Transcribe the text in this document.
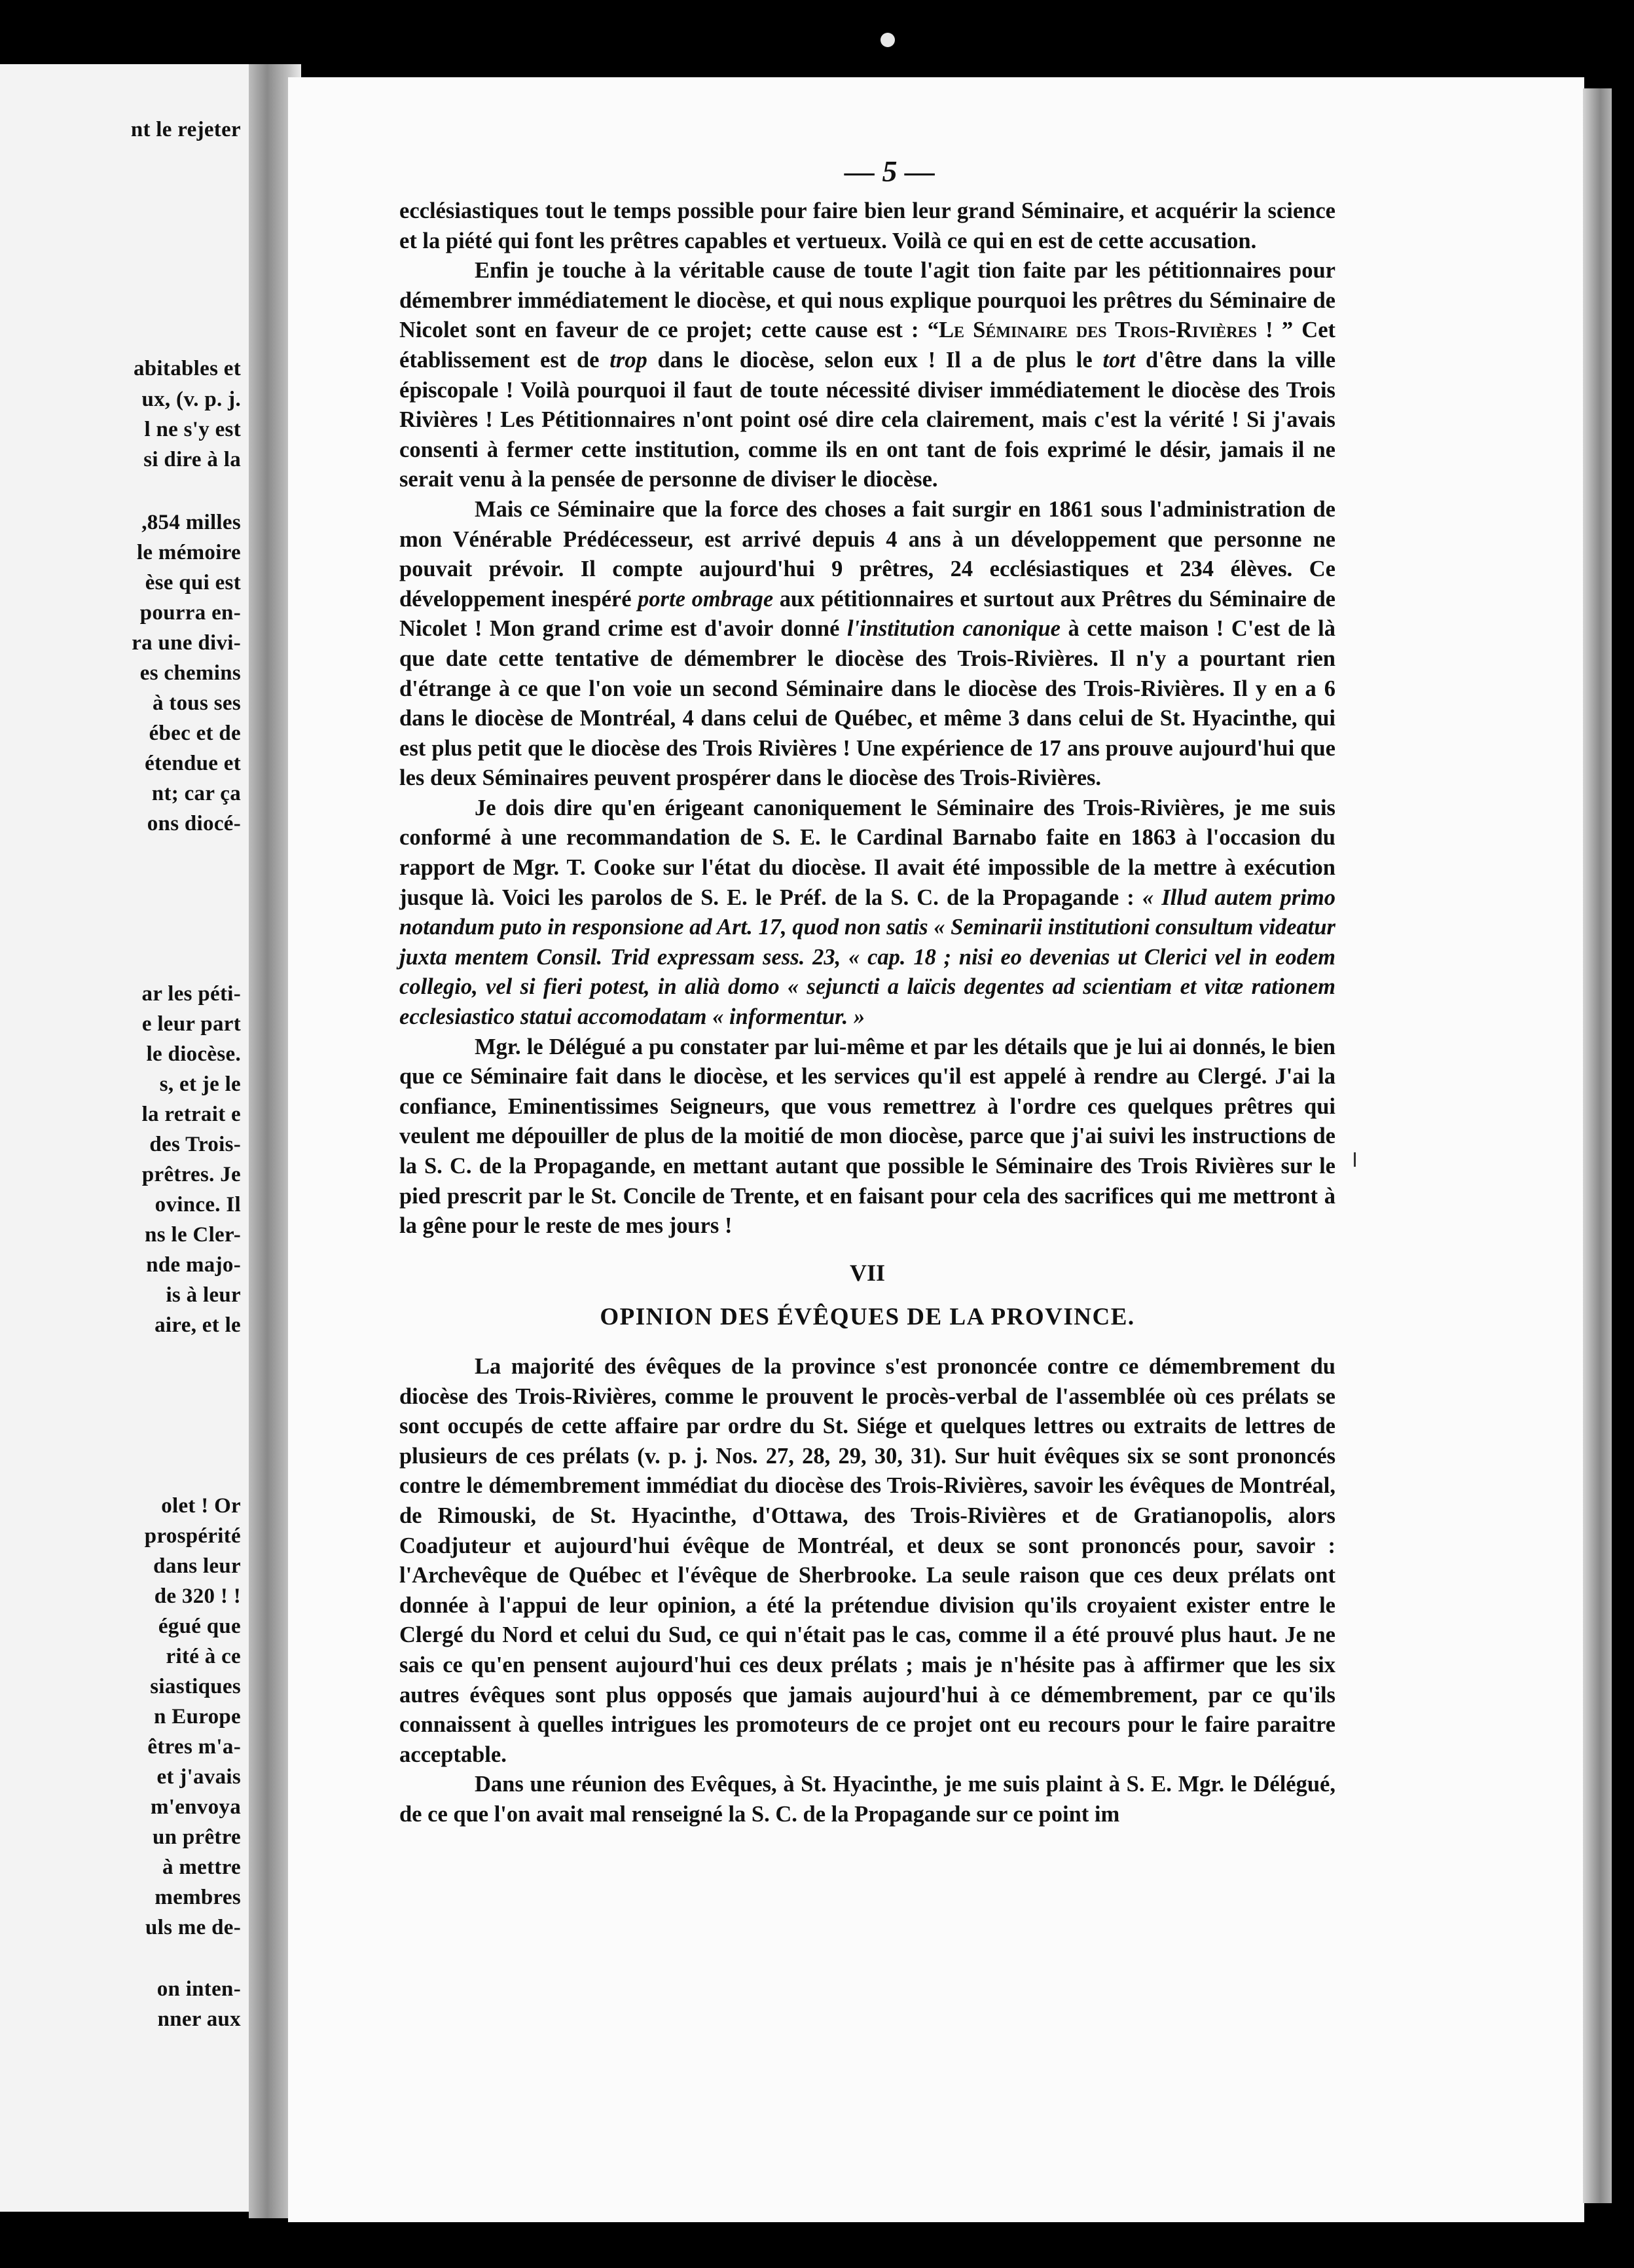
nt le rejeter
abitables et
ux, (v. p. j.
l ne s'y est
si dire à la
,854 milles
le mémoire
èse qui est
pourra en-
ra une divi-
es chemins
à tous ses
ébec et de
étendue et
nt; car ça
ons diocé-
ar les péti-
e leur part
le diocèse.
s, et je le
la retrait e
des Trois-
prêtres. Je
ovince. Il
ns le Cler-
nde majo-
is à leur
aire, et le
olet ! Or
prospérité
dans leur
de 320 ! !
égué que
rité à ce
siastiques
n Europe
êtres m'a-
et j'avais
m'envoya
un prêtre
à mettre
membres
uls me de-
on inten-
nner aux
— 5 —

ecclésiastiques tout le temps possible pour faire bien leur grand Séminaire, et acquérir la science et la piété qui font les prêtres capables et vertueux. Voilà ce qui en est de cette accusation.

Enfin je touche à la véritable cause de toute l'agit tion faite par les pétitionnaires pour démembrer immédiatement le diocèse, et qui nous explique pourquoi les prêtres du Séminaire de Nicolet sont en faveur de ce projet; cette cause est : “Le Séminaire des Trois-Rivières ! ” Cet établissement est de trop dans le diocèse, selon eux ! Il a de plus le tort d'être dans la ville épiscopale ! Voilà pourquoi il faut de toute nécessité diviser immédiatement le diocèse des Trois Rivières ! Les Pétitionnaires n'ont point osé dire cela clairement, mais c'est la vérité ! Si j'avais consenti à fermer cette institution, comme ils en ont tant de fois exprimé le désir, jamais il ne serait venu à la pensée de personne de diviser le diocèse.

Mais ce Séminaire que la force des choses a fait surgir en 1861 sous l'administration de mon Vénérable Prédécesseur, est arrivé depuis 4 ans à un développement que personne ne pouvait prévoir. Il compte aujourd'hui 9 prêtres, 24 ecclésiastiques et 234 élèves. Ce développement inespéré porte ombrage aux pétitionnaires et surtout aux Prêtres du Séminaire de Nicolet ! Mon grand crime est d'avoir donné l'institution canonique à cette maison ! C'est de là que date cette tentative de démembrer le diocèse des Trois-Rivières. Il n'y a pourtant rien d'étrange à ce que l'on voie un second Séminaire dans le diocèse des Trois-Rivières. Il y en a 6 dans le diocèse de Montréal, 4 dans celui de Québec, et même 3 dans celui de St. Hyacinthe, qui est plus petit que le diocèse des Trois Rivières ! Une expérience de 17 ans prouve aujourd'hui que les deux Séminaires peuvent prospérer dans le diocèse des Trois-Rivières.

Je dois dire qu'en érigeant canoniquement le Séminaire des Trois-Rivières, je me suis conformé à une recommandation de S. E. le Cardinal Barnabo faite en 1863 à l'occasion du rapport de Mgr. T. Cooke sur l'état du diocèse. Il avait été impossible de la mettre à exécution jusque là. Voici les parolos de S. E. le Préf. de la S. C. de la Propagande : « Illud autem primo notandum puto in responsione ad Art. 17, quod non satis « Seminarii institutioni consultum videatur juxta mentem Consil. Trid expressam sess. 23, « cap. 18 ; nisi eo devenias ut Clerici vel in eodem collegio, vel si fieri potest, in alià domo « sejuncti a laïcis degentes ad scientiam et vitæ rationem ecclesiastico statui accomodatam « informentur. »

Mgr. le Délégué a pu constater par lui-même et par les détails que je lui ai donnés, le bien que ce Séminaire fait dans le diocèse, et les services qu'il est appelé à rendre au Clergé. J'ai la confiance, Eminentissimes Seigneurs, que vous remettrez à l'ordre ces quelques prêtres qui veulent me dépouiller de plus de la moitié de mon diocèse, parce que j'ai suivi les instructions de la S. C. de la Propagande, en mettant autant que possible le Séminaire des Trois Rivières sur le pied prescrit par le St. Concile de Trente, et en faisant pour cela des sacrifices qui me mettront à la gêne pour le reste de mes jours !

VII
OPINION DES ÉVÊQUES DE LA PROVINCE.

La majorité des évêques de la province s'est prononcée contre ce démembrement du diocèse des Trois-Rivières, comme le prouvent le procès-verbal de l'assemblée où ces prélats se sont occupés de cette affaire par ordre du St. Siége et quelques lettres ou extraits de lettres de plusieurs de ces prélats (v. p. j. Nos. 27, 28, 29, 30, 31). Sur huit évêques six se sont prononcés contre le démembrement immédiat du diocèse des Trois-Rivières, savoir les évêques de Montréal, de Rimouski, de St. Hyacinthe, d'Ottawa, des Trois-Rivières et de Gratianopolis, alors Coadjuteur et aujourd'hui évêque de Montréal, et deux se sont prononcés pour, savoir : l'Archevêque de Québec et l'évêque de Sherbrooke. La seule raison que ces deux prélats ont donnée à l'appui de leur opinion, a été la prétendue division qu'ils croyaient exister entre le Clergé du Nord et celui du Sud, ce qui n'était pas le cas, comme il a été prouvé plus haut. Je ne sais ce qu'en pensent aujourd'hui ces deux prélats ; mais je n'hésite pas à affirmer que les six autres évêques sont plus opposés que jamais aujourd'hui à ce démembrement, par ce qu'ils connaissent à quelles intrigues les promoteurs de ce projet ont eu recours pour le faire paraitre acceptable.

Dans une réunion des Evêques, à St. Hyacinthe, je me suis plaint à S. E. Mgr. le Délégué, de ce que l'on avait mal renseigné la S. C. de la Propagande sur ce point im
